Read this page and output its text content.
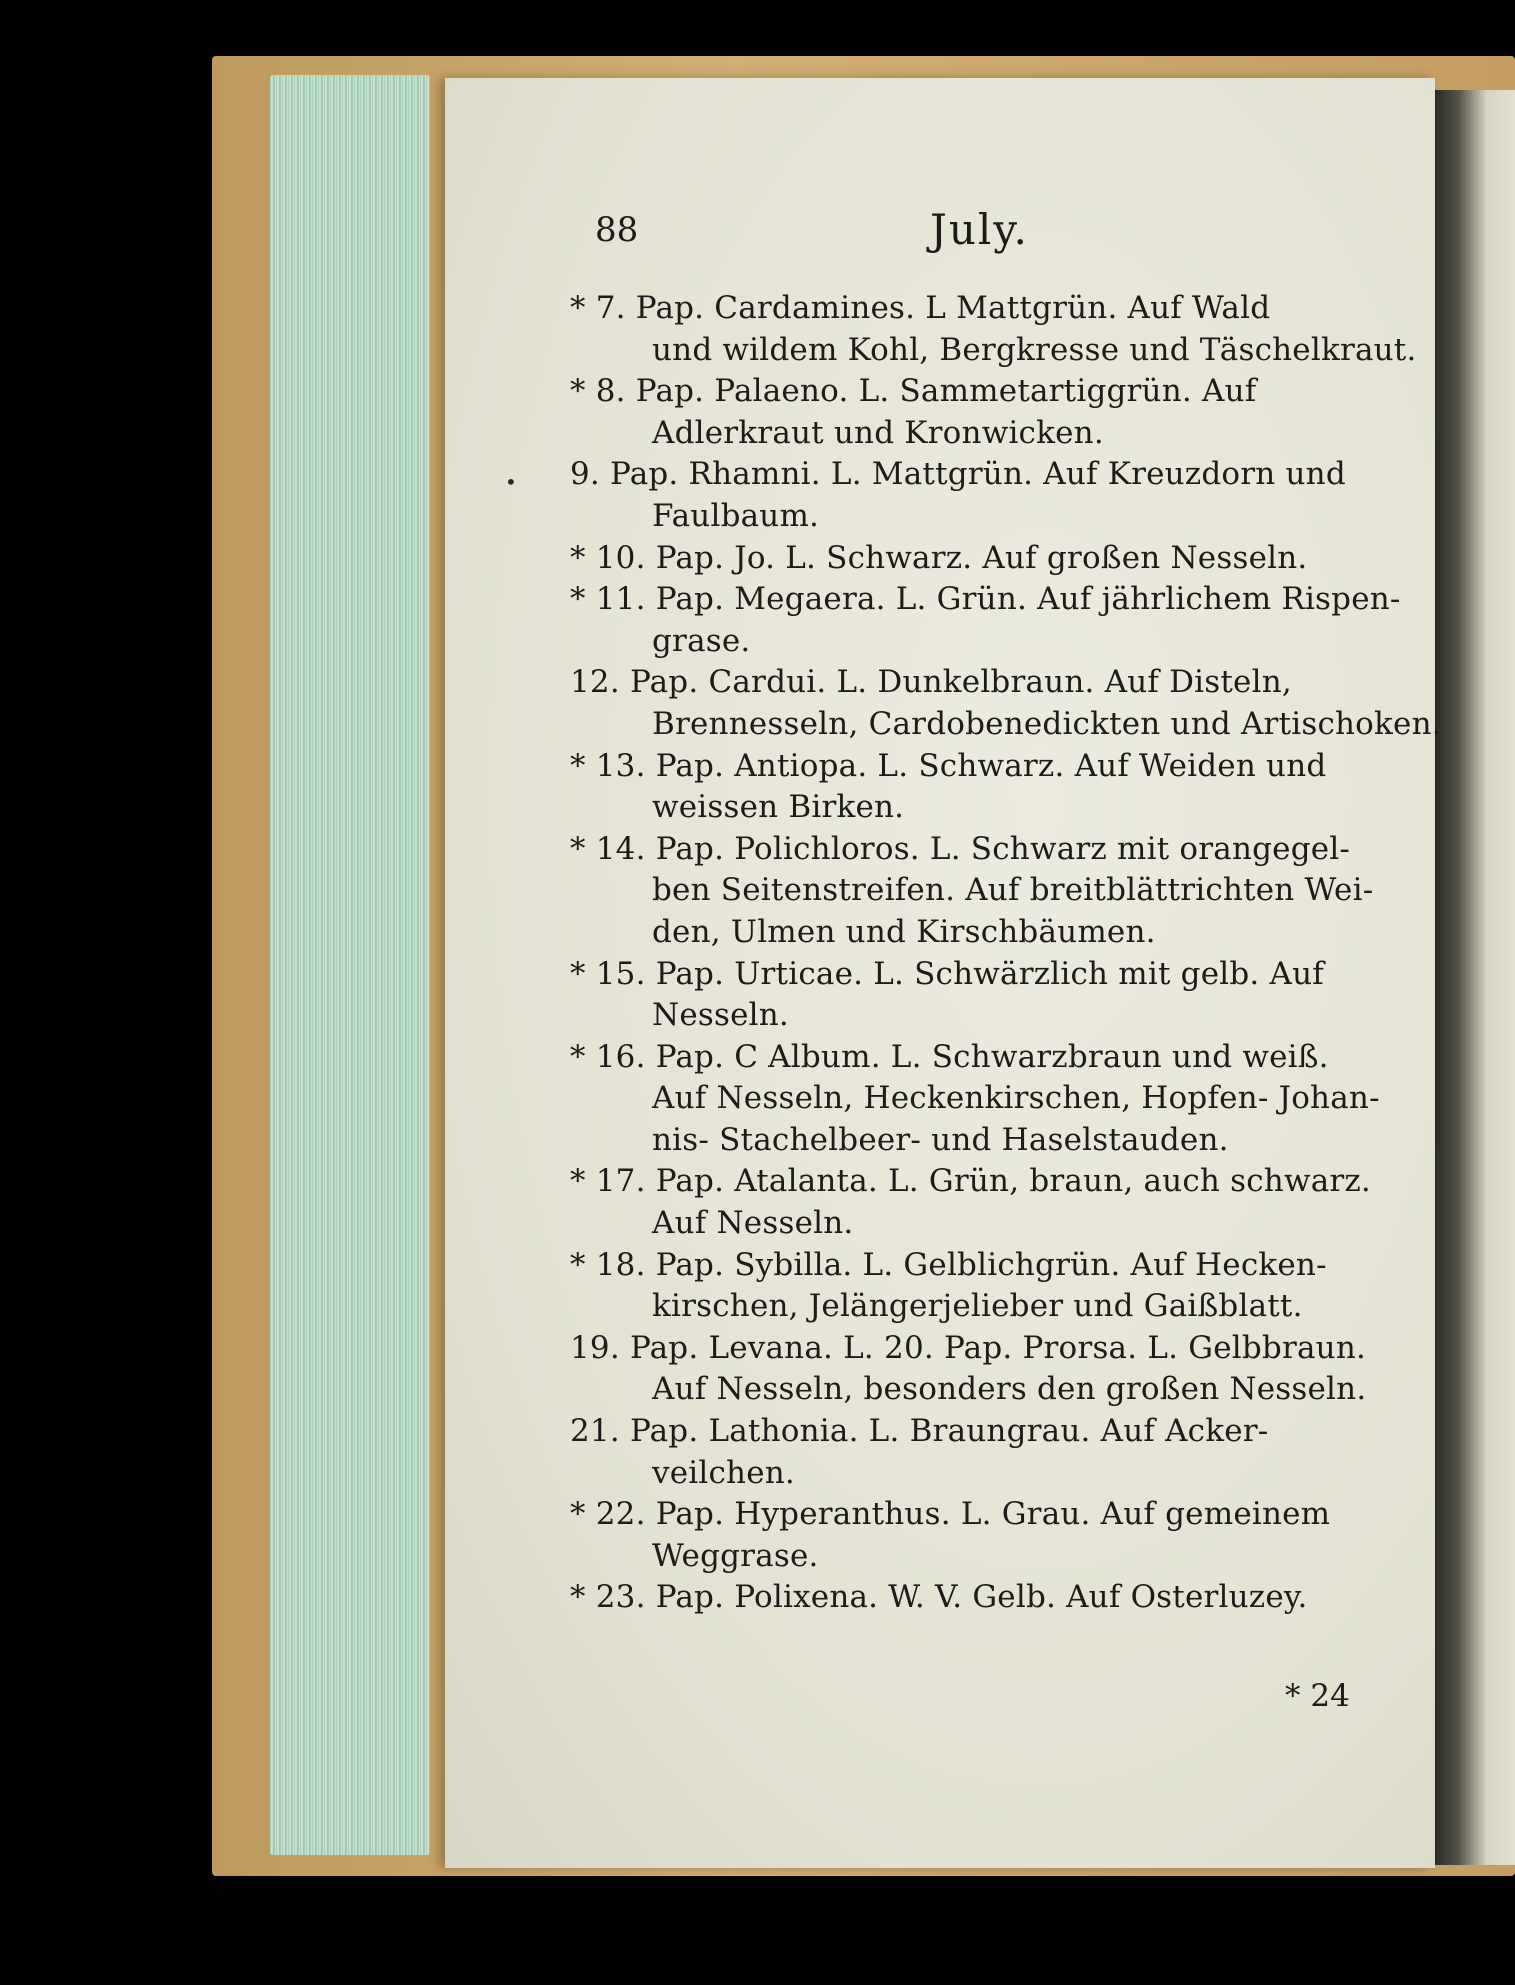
88	July.
•
* 7. Pap. Cardamines. L Mattgrün. Auf Wald
und wildem Kohl, Bergkresse und Täschelkraut.
* 8. Pap. Palaeno. L. Sammetartiggrün. Auf
Adlerkraut und Kronwicken.
9. Pap. Rhamni. L. Mattgrün. Auf Kreuzdorn und
Faulbaum.
* 10. Pap. Jo. L. Schwarz. Auf großen Nesseln.
* 11. Pap. Megaera. L. Grün. Auf jährlichem Rispen-
grase.
12. Pap. Cardui. L. Dunkelbraun. Auf Disteln,
Brennesseln, Cardobenedickten und Artischoken.
* 13. Pap. Antiopa. L. Schwarz. Auf Weiden und
weissen Birken.
* 14. Pap. Polichloros. L. Schwarz mit orangegel-
ben Seitenstreifen. Auf breitblättrichten Wei-
den, Ulmen und Kirschbäumen.
* 15. Pap. Urticae. L. Schwärzlich mit gelb. Auf
Nesseln.
* 16. Pap. C Album. L. Schwarzbraun und weiß.
Auf Nesseln, Heckenkirschen, Hopfen- Johan-
nis- Stachelbeer- und Haselstauden.
* 17. Pap. Atalanta. L. Grün, braun, auch schwarz.
Auf Nesseln.
* 18. Pap. Sybilla. L. Gelblichgrün. Auf Hecken-
kirschen, Jelängerjelieber und Gaißblatt.
19. Pap. Levana. L. 20. Pap. Prorsa. L. Gelbbraun.
Auf Nesseln, besonders den großen Nesseln.
21. Pap. Lathonia. L. Braungrau. Auf Acker-
veilchen.
* 22. Pap. Hyperanthus. L. Grau. Auf gemeinem
Weggrase.
* 23. Pap. Polixena. W. V. Gelb. Auf Osterluzey.
* 24
